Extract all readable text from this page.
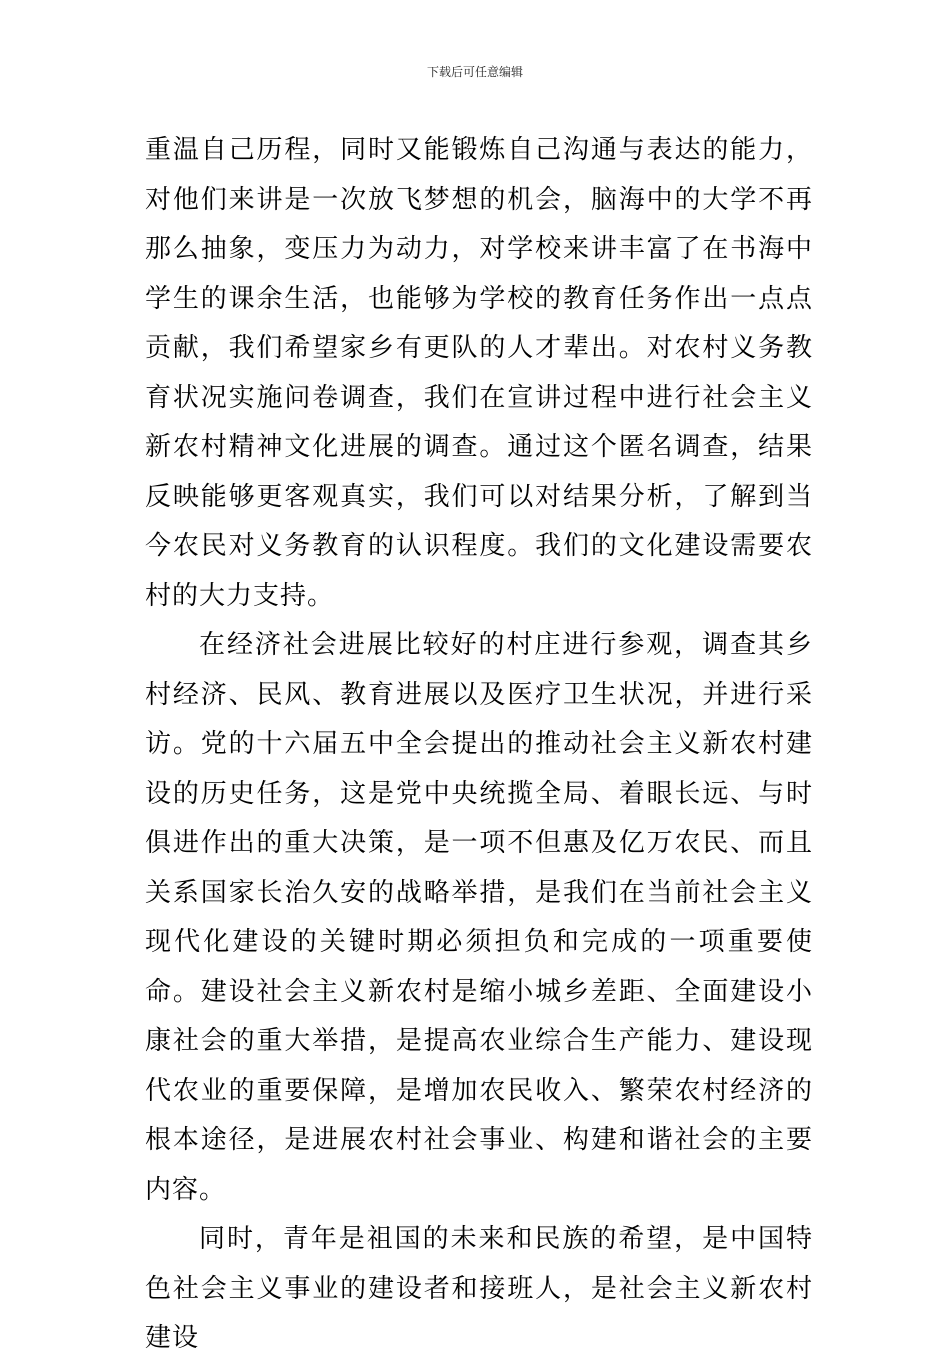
下载后可任意编辑

重温自己历程，同时又能锻炼自己沟通与表达的能力，对他们来讲是一次放飞梦想的机会，脑海中的大学不再那么抽象，变压力为动力，对学校来讲丰富了在书海中学生的课余生活，也能够为学校的教育任务作出一点点贡献，我们希望家乡有更队的人才辈出。对农村义务教育状况实施问卷调查，我们在宣讲过程中进行社会主义新农村精神文化进展的调查。通过这个匿名调查，结果反映能够更客观真实，我们可以对结果分析，了解到当今农民对义务教育的认识程度。我们的文化建设需要农村的大力支持。

在经济社会进展比较好的村庄进行参观，调查其乡村经济、民风、教育进展以及医疗卫生状况，并进行采访。党的十六届五中全会提出的推动社会主义新农村建设的历史任务，这是党中央统揽全局、着眼长远、与时俱进作出的重大决策，是一项不但惠及亿万农民、而且关系国家长治久安的战略举措，是我们在当前社会主义现代化建设的关键时期必须担负和完成的一项重要使命。建设社会主义新农村是缩小城乡差距、全面建设小康社会的重大举措，是提高农业综合生产能力、建设现代农业的重要保障，是增加农民收入、繁荣农村经济的根本途径，是进展农村社会事业、构建和谐社会的主要内容。

同时，青年是祖国的未来和民族的希望，是中国特色社会主义事业的建设者和接班人，是社会主义新农村建设
